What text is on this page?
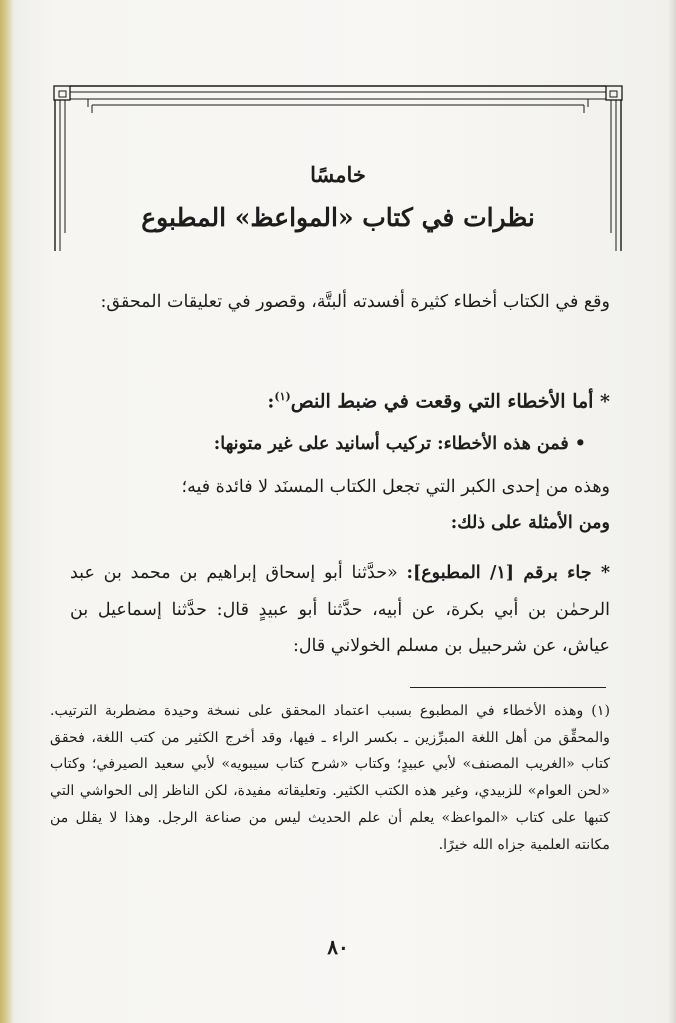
خامسًا
نظرات في كتاب «المواعظ» المطبوع
وقع في الكتاب أخطاء كثيرة أفسدته ألبتَّة، وقصور في تعليقات المحقق:
* أما الأخطاء التي وقعت في ضبط النص$^{(١)}$:
• فمن هذه الأخطاء: تركيب أسانيد على غير متونها:
وهذه من إحدى الكبر التي تجعل الكتاب المسنَد لا فائدة فيه؛
ومن الأمثلة على ذلك:
* جاء برقم [١/ المطبوع]: «حدَّثنا أبو إسحاق إبراهيم بن محمد بن عبد الرحمٰن بن أبي بكرة، عن أبيه، حدَّثنا أبو عبيدٍ قال: حدَّثنا إسماعيل بن عياش، عن شرحبيل بن مسلم الخولاني قال:
(١) وهذه الأخطاء في المطبوع بسبب اعتماد المحقق على نسخة وحيدة مضطربة الترتيب. والمحقِّق من أهل اللغة المبرِّزين ـ بكسر الراء ـ فيها، وقد أخرج الكثير من كتب اللغة، فحقق كتاب «الغريب المصنف» لأبي عبيدٍ؛ وكتاب «شرح كتاب سيبويه» لأبي سعيد الصيرفي؛ وكتاب «لحن العوام» للزبيدي، وغير هذه الكتب الكثير. وتعليقاته مفيدة، لكن الناظر إلى الحواشي التي كتبها على كتاب «المواعظ» يعلم أن علم الحديث ليس من صناعة الرجل. وهذا لا يقلل من مكانته العلمية جزاه الله خيرًا.
٨٠
